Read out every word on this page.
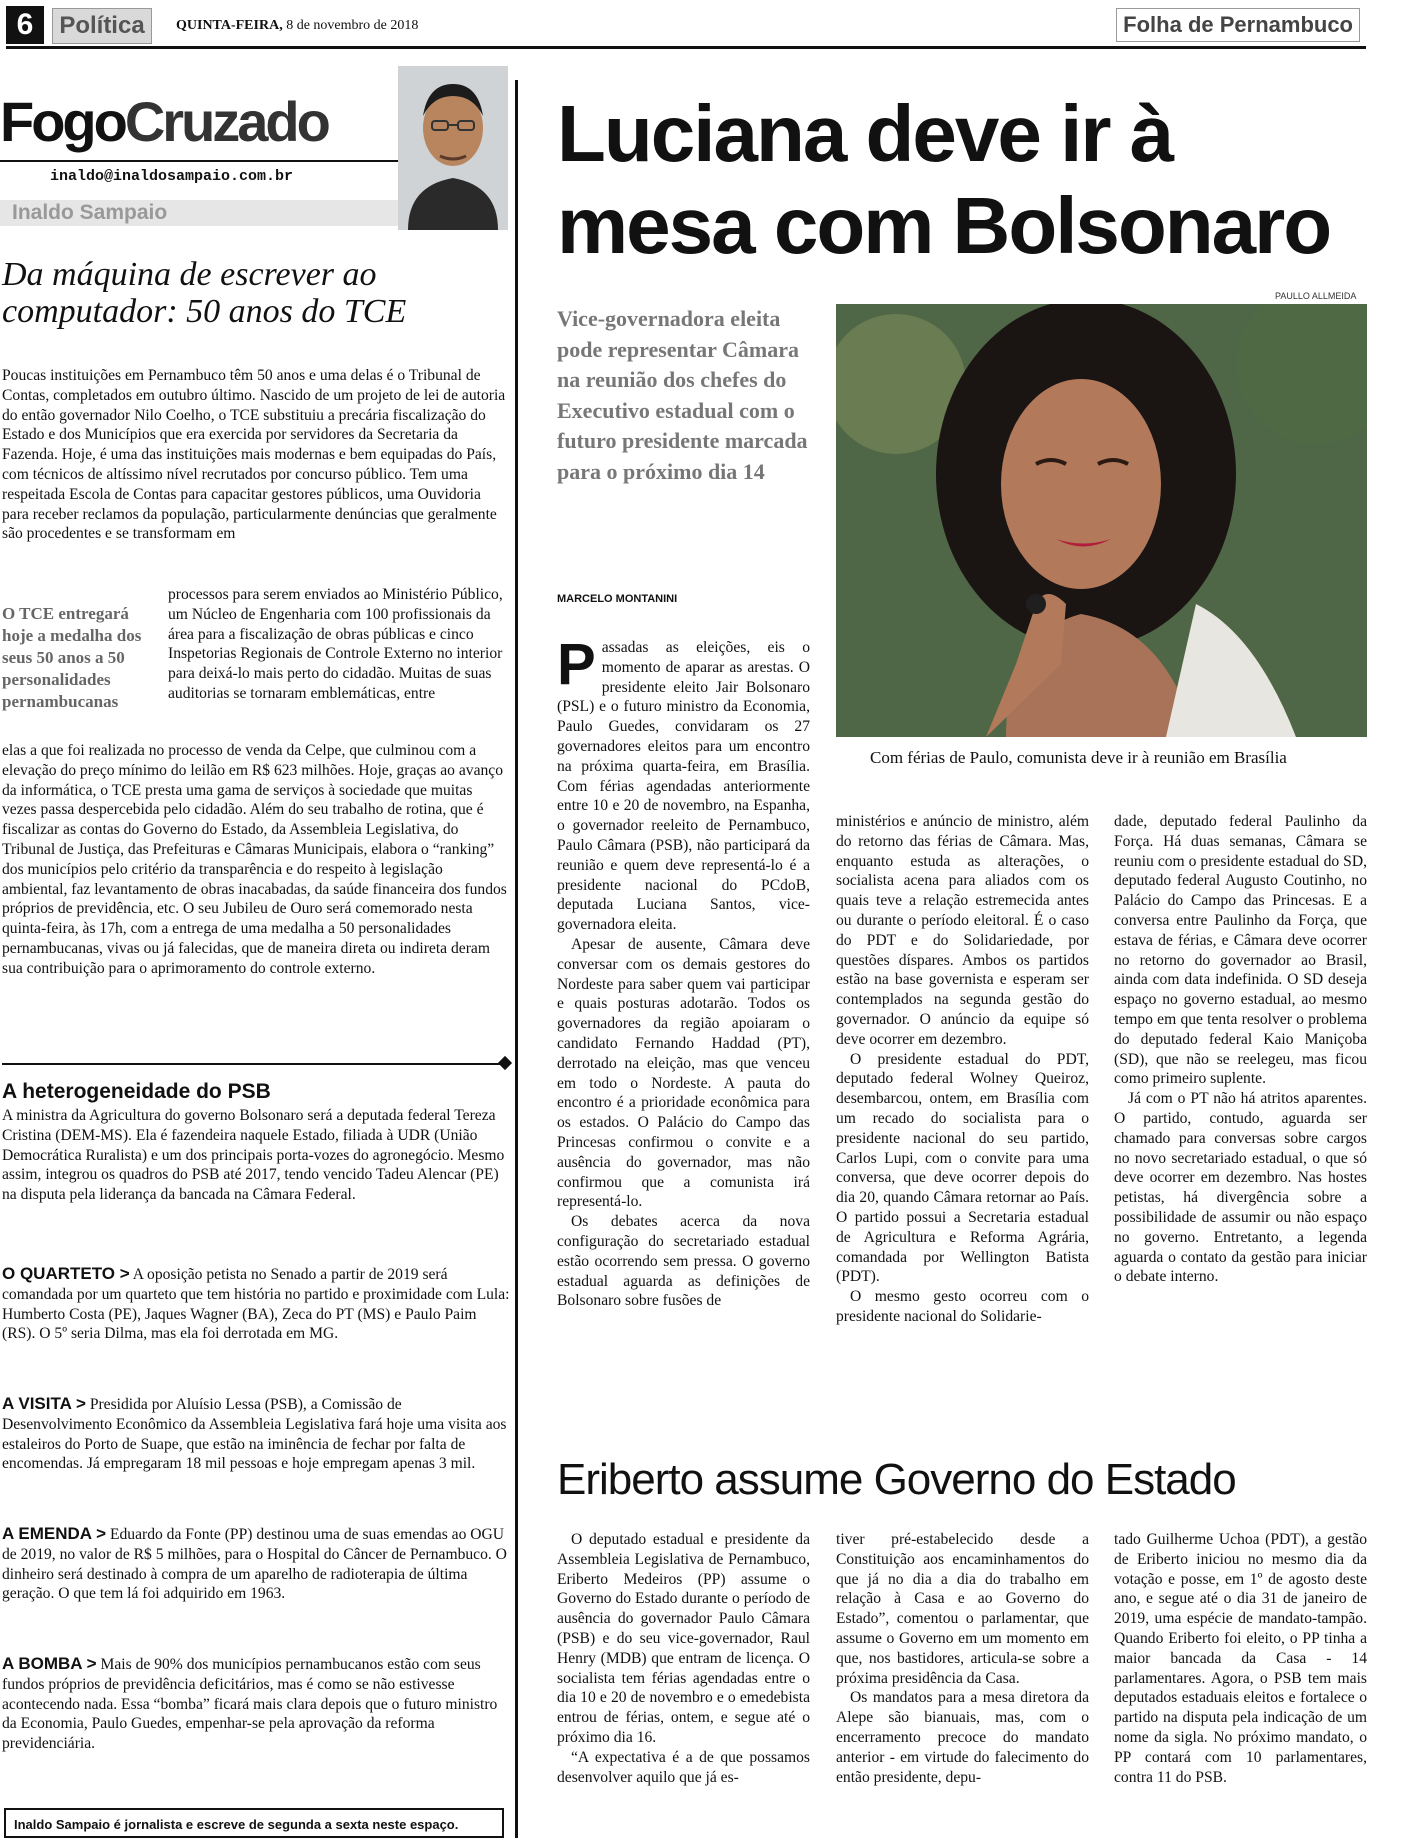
6	Política	QUINTA-FEIRA, 8 de novembro de 2018	Folha de Pernambuco
FogoCruzado
inaldo@inaldosampaio.com.br
Inaldo Sampaio
Da máquina de escrever ao computador: 50 anos do TCE
Poucas instituições em Pernambuco têm 50 anos e uma delas é o Tribunal de Contas, completados em outubro último. Nascido de um projeto de lei de autoria do então governador Nilo Coelho, o TCE substituiu a precária fiscalização do Estado e dos Municípios que era exercida por servidores da Secretaria da Fazenda. Hoje, é uma das instituições mais modernas e bem equipadas do País, com técnicos de altíssimo nível recrutados por concurso público. Tem uma respeitada Escola de Contas para capacitar gestores públicos, uma Ouvidoria para receber reclamos da população, particularmente denúncias que geralmente são procedentes e se transformam em
O TCE entregará hoje a medalha dos seus 50 anos a 50 personalidades pernambucanas
processos para serem enviados ao Ministério Público, um Núcleo de Engenharia com 100 profissionais da área para a fiscalização de obras públicas e cinco Inspetorias Regionais de Controle Externo no interior para deixá-lo mais perto do cidadão. Muitas de suas auditorias se tornaram emblemáticas, entre
elas a que foi realizada no processo de venda da Celpe, que culminou com a elevação do preço mínimo do leilão em R$ 623 milhões. Hoje, graças ao avanço da informática, o TCE presta uma gama de serviços à sociedade que muitas vezes passa despercebida pelo cidadão. Além do seu trabalho de rotina, que é fiscalizar as contas do Governo do Estado, da Assembleia Legislativa, do Tribunal de Justiça, das Prefeituras e Câmaras Municipais, elabora o “ranking” dos municípios pelo critério da transparência e do respeito à legislação ambiental, faz levantamento de obras inacabadas, da saúde financeira dos fundos próprios de previdência, etc. O seu Jubileu de Ouro será comemorado nesta quinta-feira, às 17h, com a entrega de uma medalha a 50 personalidades pernambucanas, vivas ou já falecidas, que de maneira direta ou indireta deram sua contribuição para o aprimoramento do controle externo.
A heterogeneidade do PSB
A ministra da Agricultura do governo Bolsonaro será a deputada federal Tereza Cristina (DEM-MS). Ela é fazendeira naquele Estado, filiada à UDR (União Democrática Ruralista) e um dos principais porta-vozes do agronegócio. Mesmo assim, integrou os quadros do PSB até 2017, tendo vencido Tadeu Alencar (PE) na disputa pela liderança da bancada na Câmara Federal.
O QUARTETO > A oposição petista no Senado a partir de 2019 será comandada por um quarteto que tem história no partido e proximidade com Lula: Humberto Costa (PE), Jaques Wagner (BA), Zeca do PT (MS) e Paulo Paim (RS). O 5º seria Dilma, mas ela foi derrotada em MG.
A VISITA > Presidida por Aluísio Lessa (PSB), a Comissão de Desenvolvimento Econômico da Assembleia Legislativa fará hoje uma visita aos estaleiros do Porto de Suape, que estão na iminência de fechar por falta de encomendas. Já empregaram 18 mil pessoas e hoje empregam apenas 3 mil.
A EMENDA > Eduardo da Fonte (PP) destinou uma de suas emendas ao OGU de 2019, no valor de R$ 5 milhões, para o Hospital do Câncer de Pernambuco. O dinheiro será destinado à compra de um aparelho de radioterapia de última geração. O que tem lá foi adquirido em 1963.
A BOMBA > Mais de 90% dos municípios pernambucanos estão com seus fundos próprios de previdência deficitários, mas é como se não estivesse acontecendo nada. Essa “bomba” ficará mais clara depois que o futuro ministro da Economia, Paulo Guedes, empenhar-se pela aprovação da reforma previdenciária.
Inaldo Sampaio é jornalista e escreve de segunda a sexta neste espaço.
Luciana deve ir à mesa com Bolsonaro
PAULLO ALLMEIDA
Vice-governadora eleita pode representar Câmara na reunião dos chefes do Executivo estadual com o futuro presidente marcada para o próximo dia 14
MARCELO MONTANINI
Com férias de Paulo, comunista deve ir à reunião em Brasília

Passadas as eleições, eis o momento de aparar as arestas. O presidente eleito Jair Bolsonaro (PSL) e o futuro ministro da Economia, Paulo Guedes, convidaram os 27 governadores eleitos para um encontro na próxima quarta-feira, em Brasília. Com férias agendadas anteriormente entre 10 e 20 de novembro, na Espanha, o governador reeleito de Pernambuco, Paulo Câmara (PSB), não participará da reunião e quem deve representá-lo é a presidente nacional do PCdoB, deputada Luciana Santos, vice-governadora eleita.

Apesar de ausente, Câmara deve conversar com os demais gestores do Nordeste para saber quem vai participar e quais posturas adotarão. Todos os governadores da região apoiaram o candidato Fernando Haddad (PT), derrotado na eleição, mas que venceu em todo o Nordeste. A pauta do encontro é a prioridade econômica para os estados. O Palácio do Campo das Princesas confirmou o convite e a ausência do governador, mas não confirmou que a comunista irá representá-lo.

Os debates acerca da nova configuração do secretariado estadual estão ocorrendo sem pressa. O governo estadual aguarda as definições de Bolsonaro sobre fusões de

ministérios e anúncio de ministro, além do retorno das férias de Câmara. Mas, enquanto estuda as alterações, o socialista acena para aliados com os quais teve a relação estremecida antes ou durante o período eleitoral. É o caso do PDT e do Solidariedade, por questões díspares. Ambos os partidos estão na base governista e esperam ser contemplados na segunda gestão do governador. O anúncio da equipe só deve ocorrer em dezembro.

O presidente estadual do PDT, deputado federal Wolney Queiroz, desembarcou, ontem, em Brasília com um recado do socialista para o presidente nacional do seu partido, Carlos Lupi, com o convite para uma conversa, que deve ocorrer depois do dia 20, quando Câmara retornar ao País. O partido possui a Secretaria estadual de Agricultura e Reforma Agrária, comandada por Wellington Batista (PDT).

O mesmo gesto ocorreu com o presidente nacional do Solidarie-

dade, deputado federal Paulinho da Força. Há duas semanas, Câmara se reuniu com o presidente estadual do SD, deputado federal Augusto Coutinho, no Palácio do Campo das Princesas. E a conversa entre Paulinho da Força, que estava de férias, e Câmara deve ocorrer no retorno do governador ao Brasil, ainda com data indefinida. O SD deseja espaço no governo estadual, ao mesmo tempo em que tenta resolver o problema do deputado federal Kaio Maniçoba (SD), que não se reelegeu, mas ficou como primeiro suplente.

Já com o PT não há atritos aparentes. O partido, contudo, aguarda ser chamado para conversas sobre cargos no novo secretariado estadual, o que só deve ocorrer em dezembro. Nas hostes petistas, há divergência sobre a possibilidade de assumir ou não espaço no governo. Entretanto, a legenda aguarda o contato da gestão para iniciar o debate interno.

Eriberto assume Governo do Estado

O deputado estadual e presidente da Assembleia Legislativa de Pernambuco, Eriberto Medeiros (PP) assume o Governo do Estado durante o período de ausência do governador Paulo Câmara (PSB) e do seu vice-governador, Raul Henry (MDB) que entram de licença. O socialista tem férias agendadas entre o dia 10 e 20 de novembro e o emedebista entrou de férias, ontem, e segue até o próximo dia 16.

“A expectativa é a de que possamos desenvolver aquilo que já es-

tiver pré-estabelecido desde a Constituição aos encaminhamentos do que já no dia a dia do trabalho em relação à Casa e ao Governo do Estado”, comentou o parlamentar, que assume o Governo em um momento em que, nos bastidores, articula-se sobre a próxima presidência da Casa.

Os mandatos para a mesa diretora da Alepe são bianuais, mas, com o encerramento precoce do mandato anterior - em virtude do falecimento do então presidente, depu-

tado Guilherme Uchoa (PDT), a gestão de Eriberto iniciou no mesmo dia da votação e posse, em 1º de agosto deste ano, e segue até o dia 31 de janeiro de 2019, uma espécie de mandato-tampão. Quando Eriberto foi eleito, o PP tinha a maior bancada da Casa - 14 parlamentares. Agora, o PSB tem mais deputados estaduais eleitos e fortalece o partido na disputa pela indicação de um nome da sigla. No próximo mandato, o PP contará com 10 parlamentares, contra 11 do PSB.
